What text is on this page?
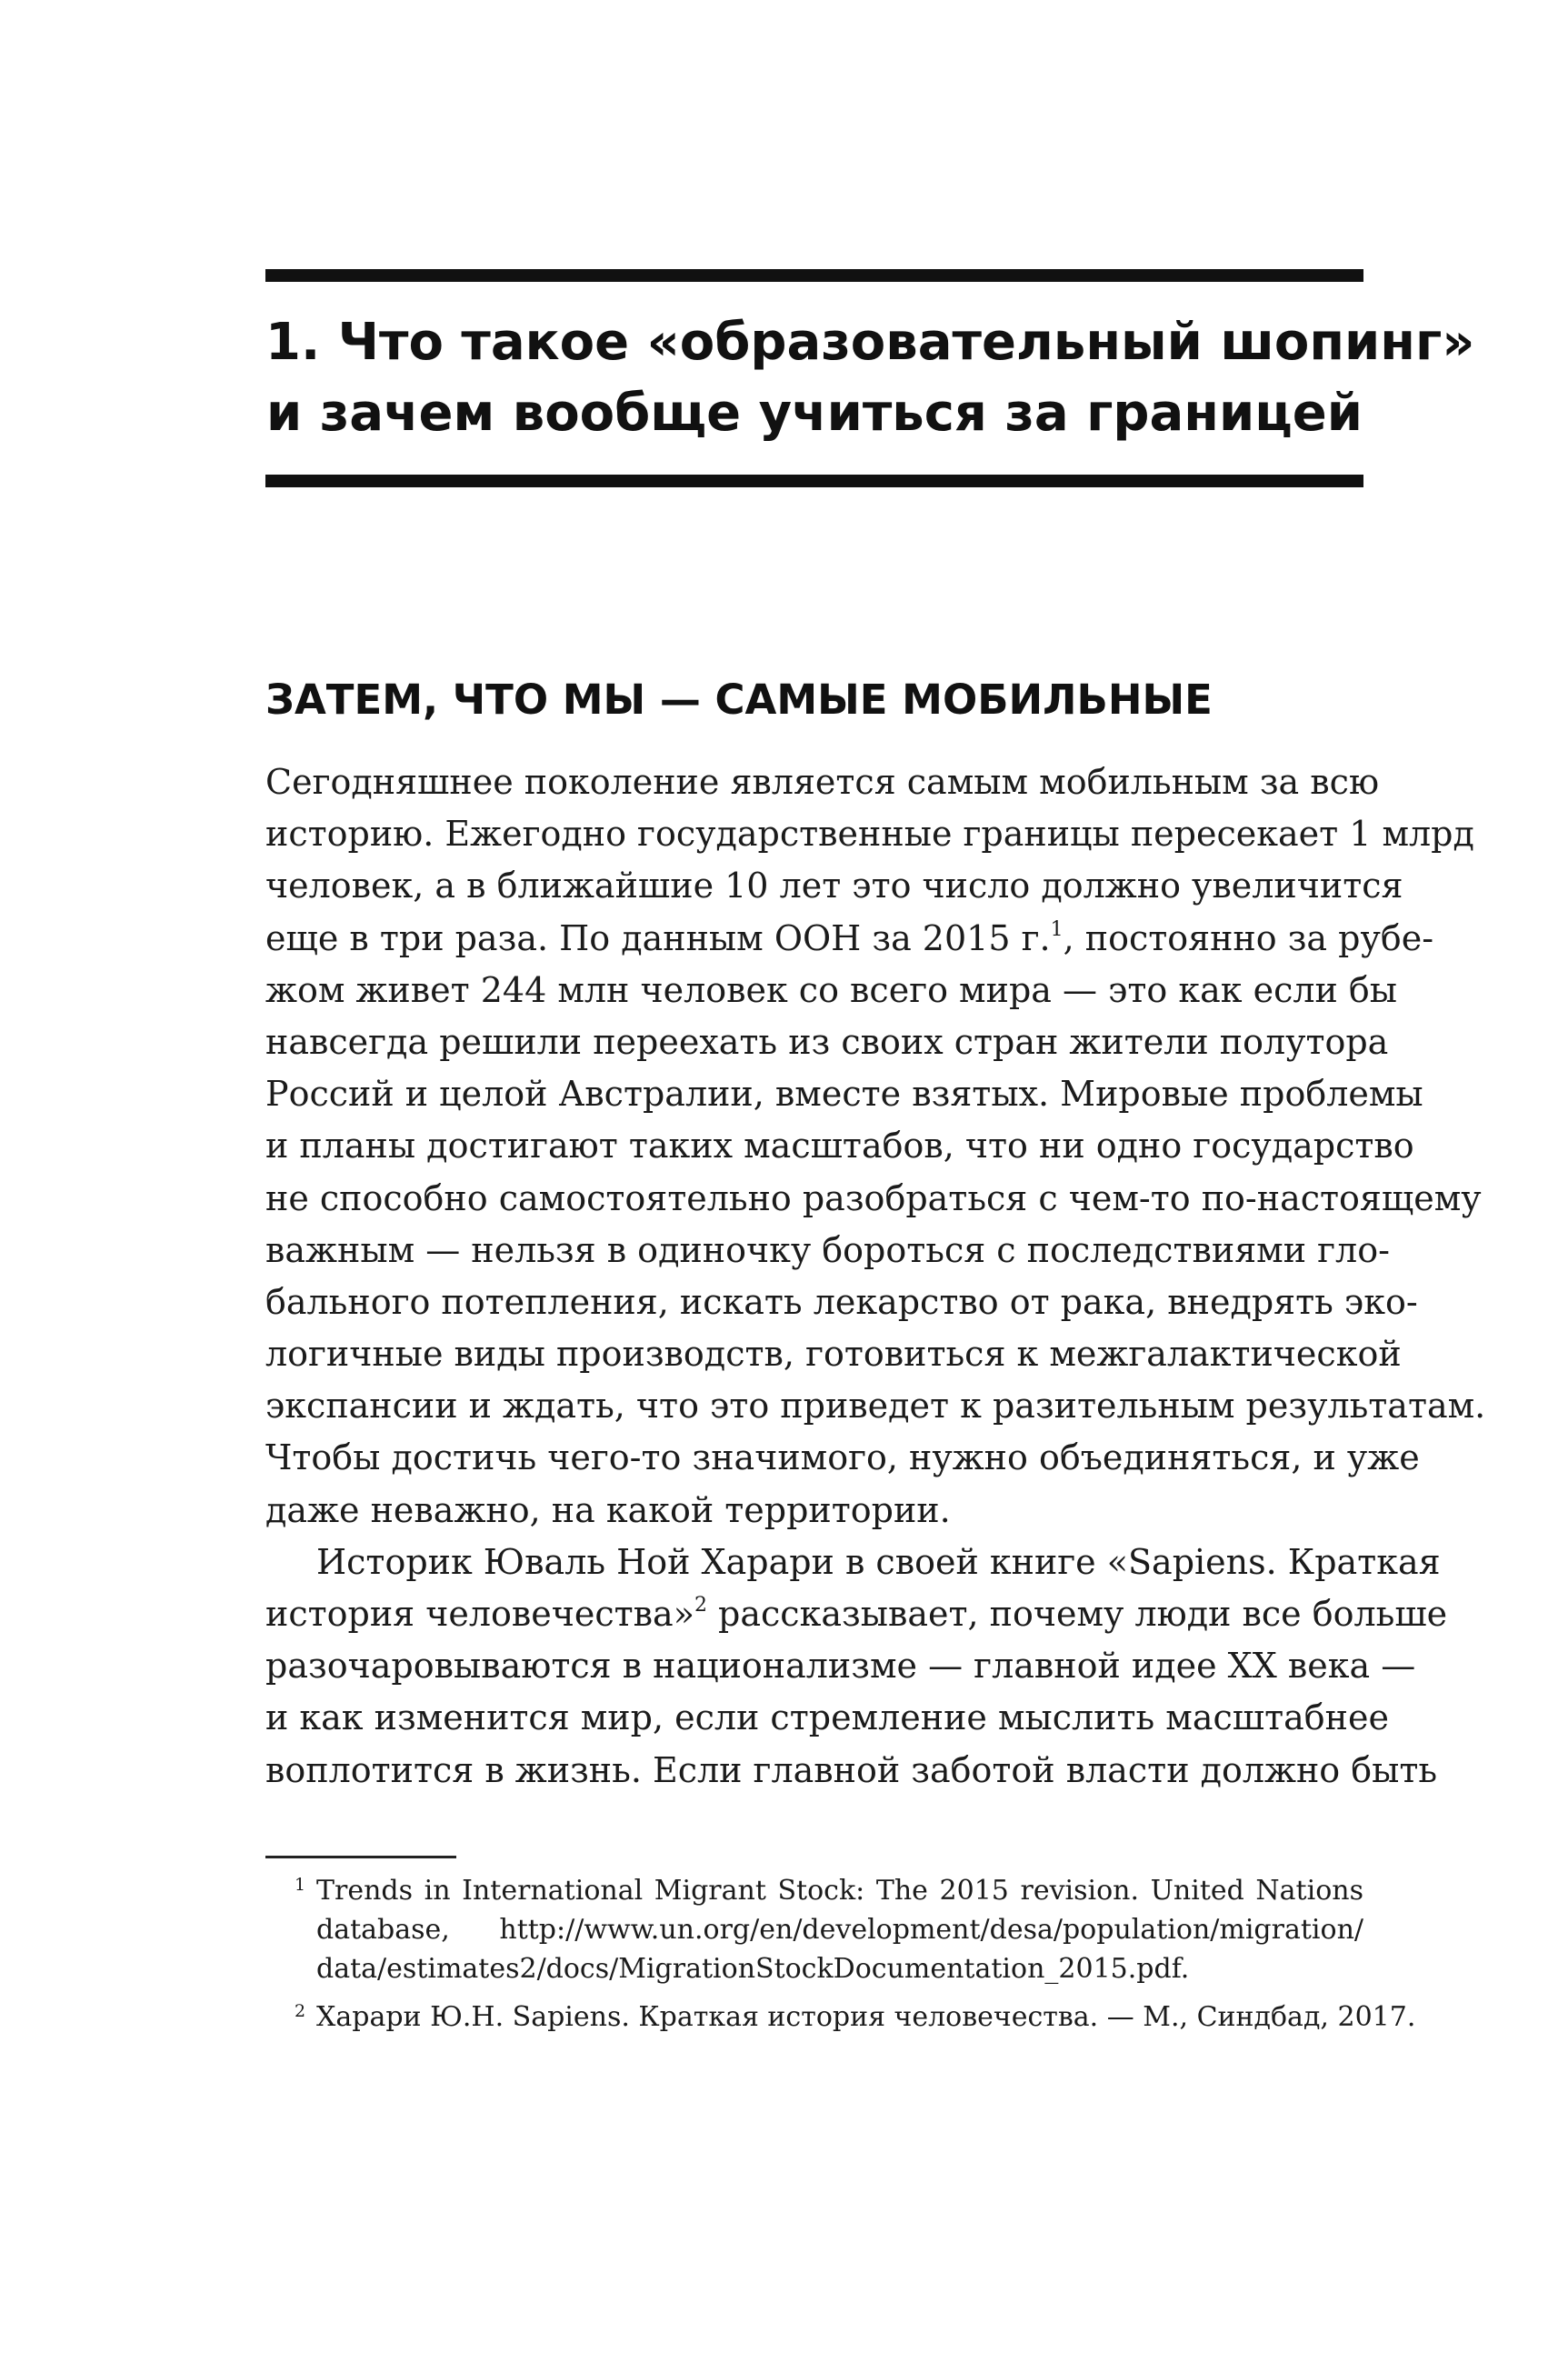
1. Что такое «образовательный шопинг»
и зачем вообще учиться за границей
ЗАТЕМ, ЧТО МЫ — САМЫЕ МОБИЛЬНЫЕ

Сегодняшнее поколение является самым мобильным за всю
историю. Ежегодно государственные границы пересекает 1 млрд
человек, а в ближайшие 10 лет это число должно увеличится
еще в три раза. По данным ООН за 2015 г.$^1$, постоянно за рубе-
жом живет 244 млн человек со всего мира — это как если бы
навсегда решили переехать из своих стран жители полутора
Россий и целой Австралии, вместе взятых. Мировые проблемы
и планы достигают таких масштабов, что ни одно государство
не способно самостоятельно разобраться с чем-то по-настоящему
важным — нельзя в одиночку бороться с последствиями гло-
бального потепления, искать лекарство от рака, внедрять эко-
логичные виды производств, готовиться к межгалактической
экспансии и ждать, что это приведет к разительным результатам.
Чтобы достичь чего-то значимого, нужно объединяться, и уже
даже неважно, на какой территории.

Историк Юваль Ной Харари в своей книге «Sapiens. Краткая
история человечества»$^2$ рассказывает, почему люди все больше
разочаровываются в национализме — главной идее XX века —
и как изменится мир, если стремление мыслить масштабнее
воплотится в жизнь. Если главной заботой власти должно быть

1 Trends in International Migrant Stock: The 2015 revision. United Nations
database, http://www.un.org/en/development/desa/population/migration/
data/estimates2/docs/MigrationStockDocumentation_2015.pdf.
2 Харари Ю.Н. Sapiens. Краткая история человечества. — М., Синдбад, 2017.
